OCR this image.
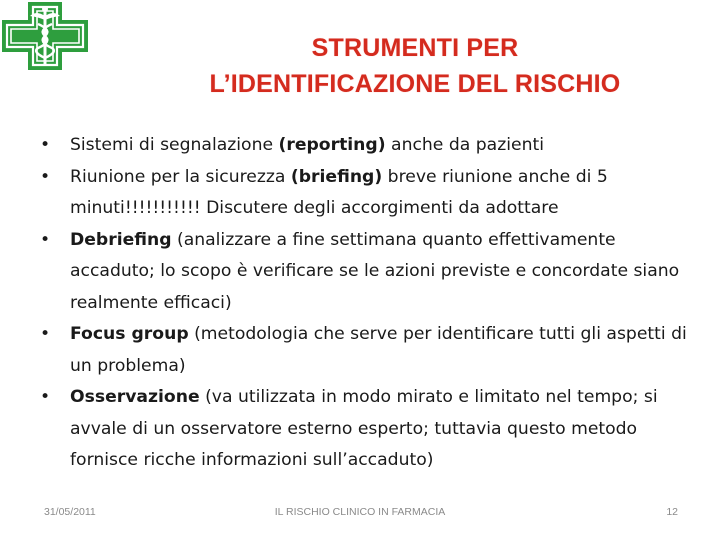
STRUMENTI PER
L’IDENTIFICAZIONE DEL RISCHIO
•	Sistemi di segnalazione (reporting) anche da pazienti
•	Riunione per la sicurezza (briefing) breve riunione anche di 5 minuti!!!!!!!!!!! Discutere degli accorgimenti da adottare
•	Debriefing (analizzare a fine settimana quanto effettivamente accaduto; lo scopo è verificare se le azioni previste e concordate siano realmente efficaci)
•	Focus group (metodologia che serve per identificare tutti gli aspetti di un problema)
•	Osservazione (va utilizzata in modo mirato e limitato nel tempo; si avvale di un osservatore esterno esperto; tuttavia questo metodo fornisce ricche informazioni sull’accaduto)
31/05/2011	IL RISCHIO CLINICO IN FARMACIA	12
